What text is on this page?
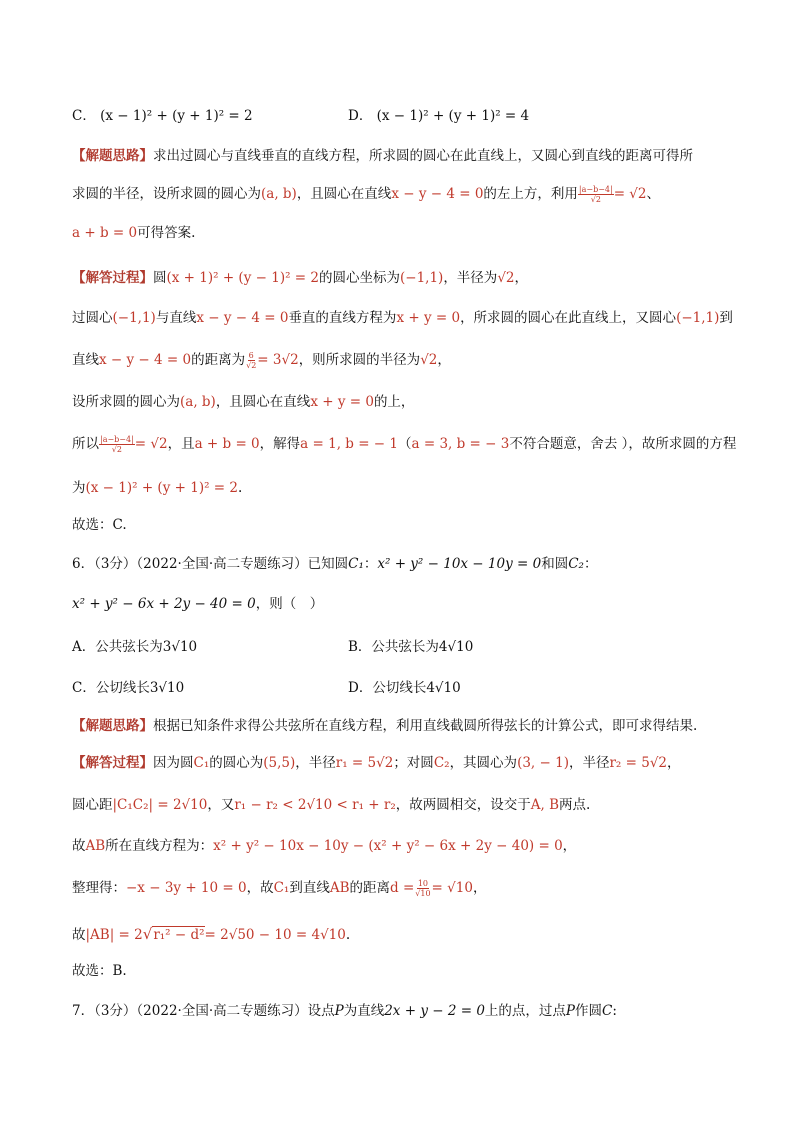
C． (x − 1)² + (y + 1)² = 2	D． (x − 1)² + (y + 1)² = 4
【解题思路】求出过圆心与直线垂直的直线方程，所求圆的圆心在此直线上，又圆心到直线的距离可得所
求圆的半径，设所求圆的圆心为(a, b)，且圆心在直线x − y − 4 = 0的左上方，利用 $\frac{|a-b-4|}{√2} = √2$、
a + b = 0可得答案.
【解答过程】圆(x + 1)² + (y − 1)² = 2的圆心坐标为(−1,1)，半径为√2，
过圆心(−1,1)与直线x − y − 4 = 0垂直的直线方程为x + y = 0，所求圆的圆心在此直线上，又圆心(−1,1)到
直线x − y − 4 = 0的距离为 $\frac{6}{√2} = 3√2$，则所求圆的半径为√2，
设所求圆的圆心为(a, b)，且圆心在直线x + y = 0的上，
所以 $\frac{|a-b-4|}{√2} = √2$，且a + b = 0，解得a = 1, b = − 1（a = 3, b = − 3不符合题意，舍去 ），故所求圆的方程
为(x − 1)² + (y + 1)² = 2.
故选：C.
6．（3分）（2022·全国·高二专题练习）已知圆C₁：x² + y² − 10x − 10y = 0和圆C₂：
x² + y² − 6x + 2y − 40 = 0，则（　）
A．公共弦长为3√10	B．公共弦长为4√10
C．公切线长3√10	D．公切线长4√10
【解题思路】根据已知条件求得公共弦所在直线方程，利用直线截圆所得弦长的计算公式，即可求得结果.
【解答过程】因为圆C₁的圆心为(5,5)，半径r₁ = 5√2；对圆C₂，其圆心为(3, − 1)，半径r₂ = 5√2，
圆心距|C₁C₂| = 2√10，又r₁ − r₂ < 2√10 < r₁ + r₂，故两圆相交，设交于A, B两点.
故AB所在直线方程为：x² + y² − 10x − 10y − (x² + y² − 6x + 2y − 40) = 0，
整理得：−x − 3y + 10 = 0，故C₁到直线AB的距离$d = \frac{10}{√10} = √10$，
故|AB| = 2√r₁² − d²= 2√50 − 10 = 4√10.
故选：B.
7．（3分）（2022·全国·高二专题练习）设点P为直线2x + y − 2 = 0上的点，过点P作圆C:
